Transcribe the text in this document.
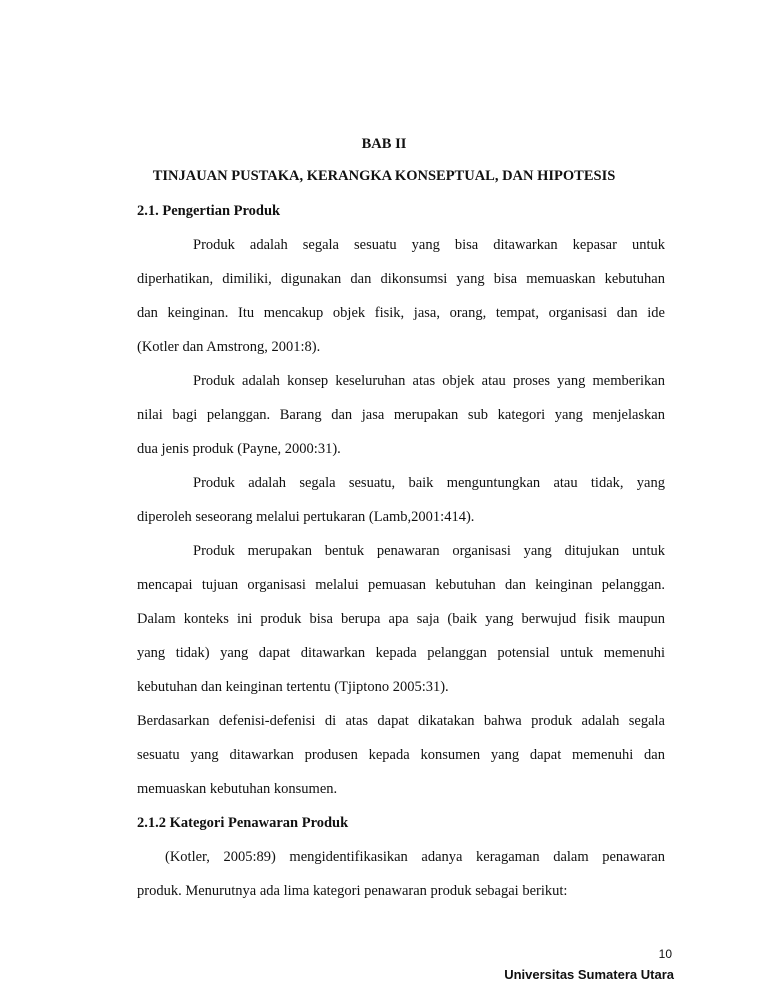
BAB II
TINJAUAN PUSTAKA, KERANGKA KONSEPTUAL, DAN HIPOTESIS
2.1. Pengertian Produk
Produk adalah segala sesuatu yang bisa ditawarkan kepasar untuk
diperhatikan, dimiliki, digunakan dan dikonsumsi yang bisa memuaskan kebutuhan
dan keinginan. Itu mencakup objek fisik, jasa, orang, tempat, organisasi dan ide
(Kotler dan Amstrong, 2001:8).
Produk adalah konsep keseluruhan atas objek atau proses yang memberikan
nilai bagi pelanggan. Barang dan jasa merupakan sub kategori yang menjelaskan
dua jenis produk (Payne, 2000:31).
Produk adalah segala sesuatu, baik menguntungkan atau tidak, yang
diperoleh seseorang melalui pertukaran (Lamb,2001:414).
Produk merupakan bentuk penawaran organisasi yang ditujukan untuk
mencapai tujuan organisasi melalui pemuasan kebutuhan dan keinginan pelanggan.
Dalam konteks ini produk bisa berupa apa saja (baik yang berwujud fisik maupun
yang tidak) yang dapat ditawarkan kepada pelanggan potensial untuk memenuhi
kebutuhan dan keinginan tertentu (Tjiptono 2005:31).
Berdasarkan defenisi-defenisi di atas dapat dikatakan bahwa produk adalah segala
sesuatu yang ditawarkan produsen kepada konsumen yang dapat memenuhi dan
memuaskan kebutuhan konsumen.
2.1.2 Kategori Penawaran Produk
(Kotler, 2005:89) mengidentifikasikan adanya keragaman dalam penawaran
produk. Menurutnya ada lima kategori penawaran produk sebagai berikut:
10
Universitas Sumatera Utara
